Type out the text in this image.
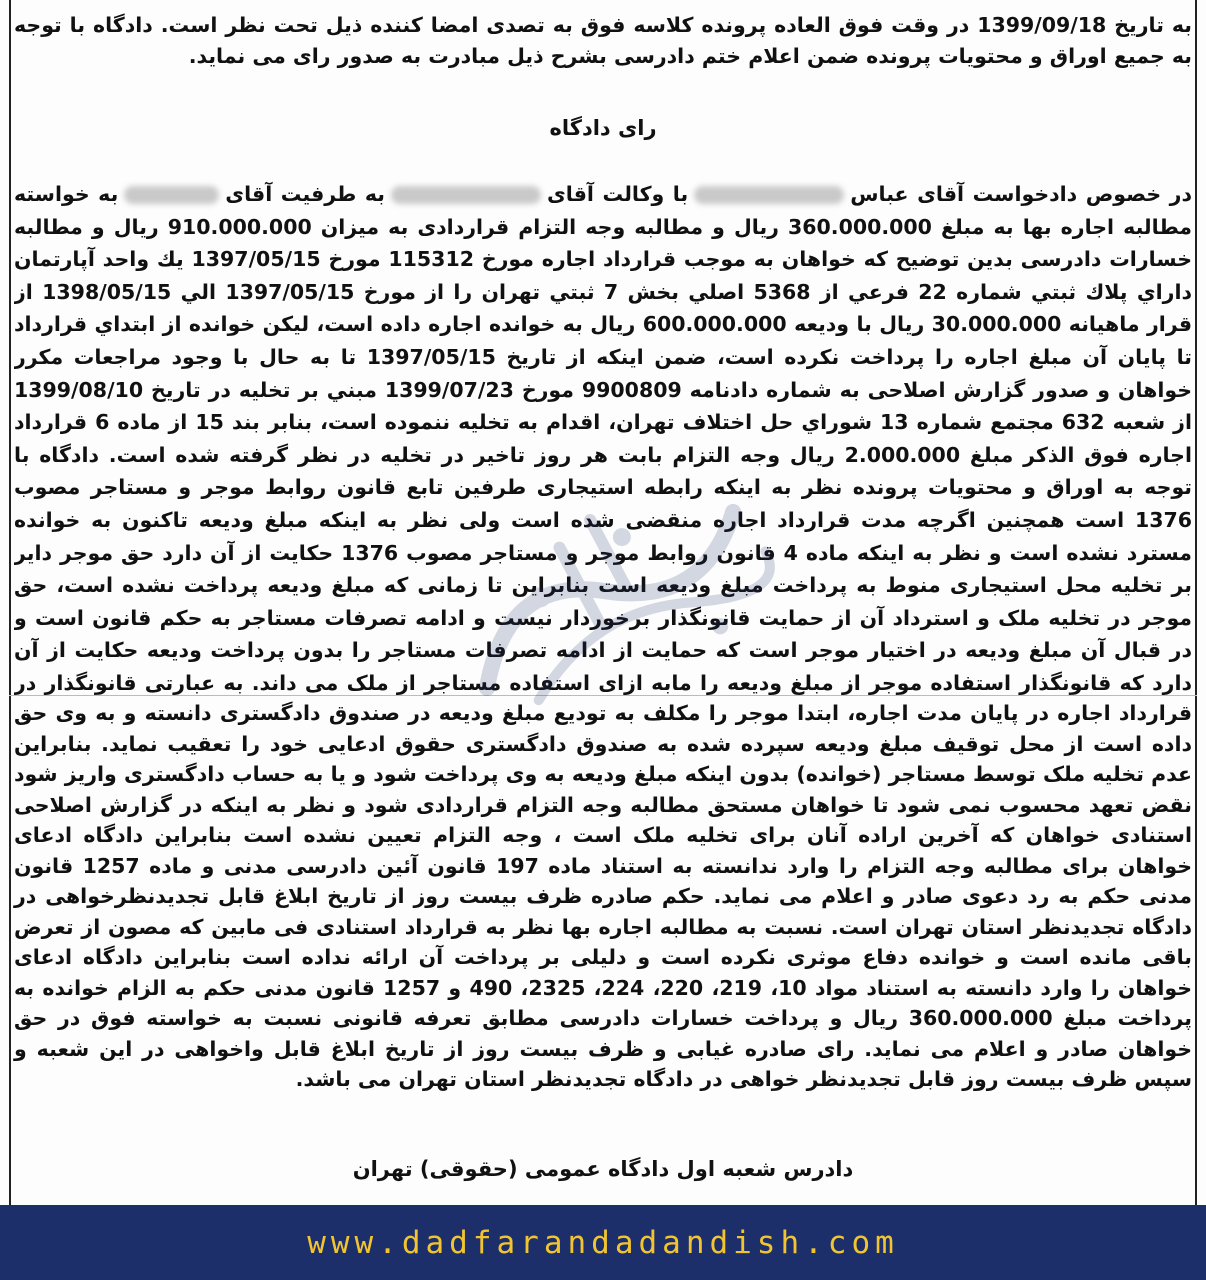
به تاریخ 1399/09/18 در وقت فوق العاده پرونده کلاسه فوق به تصدی امضا کننده ذیل تحت نظر است. دادگاه با توجه به جمیع اوراق و محتویات پرونده ضمن اعلام ختم دادرسی بشرح ذیل مبادرت به صدور رای می نماید.
رای دادگاه
در خصوص دادخواست آقای عباسبا وکالت آقایبه طرفیت آقایبه خواسته مطالبه اجاره بها به مبلغ 360.000.000 ریال و مطالبه وجه التزام قراردادی به میزان 910.000.000 ریال و مطالبه خسارات دادرسی بدین توضیح که خواهان به موجب قرارداد اجاره مورخ 115312 مورخ 1397/05/15 یك واحد آپارتمان داراي پلاك ثبتي شماره 22 فرعي از 5368 اصلي بخش 7 ثبتي تهران را از مورخ 1397/05/15 الي 1398/05/15 از قرار ماهيانه 30.000.000 ریال با ودیعه 600.000.000 ریال به خوانده اجاره داده است، لیکن خوانده از ابتداي قرارداد تا پایان آن مبلغ اجاره را پرداخت نکرده است، ضمن اینکه از تاریخ 1397/05/15 تا به حال با وجود مراجعات مکرر خواهان و صدور گزارش اصلاحی به شماره دادنامه 9900809 مورخ 1399/07/23 مبني بر تخلیه در تاریخ 1399/08/10 از شعبه 632 مجتمع شماره 13 شوراي حل اختلاف تهران، اقدام به تخلیه ننموده است، بنابر بند 15 از ماده 6 قرارداد اجاره فوق الذکر مبلغ 2.000.000 ریال وجه التزام بابت هر روز تاخیر در تخلیه در نظر گرفته شده است. دادگاه با توجه به اوراق و محتویات پرونده نظر به اینکه رابطه استیجاری طرفین تابع قانون روابط موجر و مستاجر مصوب 1376 است همچنین اگرچه مدت قرارداد اجاره منقضی شده است ولی نظر به اینکه مبلغ ودیعه تاکنون به خوانده مسترد نشده است و نظر به اینکه ماده 4 قانون روابط موجر و مستاجر مصوب 1376 حکایت از آن دارد حق موجر دایر بر تخلیه محل استیجاری منوط به پرداخت مبلغ ودیعه است بنابراین تا زمانی که مبلغ ودیعه پرداخت نشده است، حق موجر در تخلیه ملک و استرداد آن از حمایت قانونگذار برخوردار نیست و ادامه تصرفات مستاجر به حکم قانون است و در قبال آن مبلغ ودیعه در اختیار موجر است که حمایت از ادامه تصرفات مستاجر را بدون پرداخت ودیعه حکایت از آن دارد که قانونگذار استفاده موجر از مبلغ ودیعه را مابه ازای استفاده مستاجر از ملک می داند. به عبارتی قانونگذار در
قرارداد اجاره در پایان مدت اجاره، ابتدا موجر را مکلف به تودیع مبلغ ودیعه در صندوق دادگستری دانسته و به وی حق داده است از محل توقیف مبلغ ودیعه سپرده شده به صندوق دادگستری حقوق ادعایی خود را تعقیب نماید. بنابراین عدم تخلیه ملک توسط مستاجر (خوانده) بدون اینکه مبلغ ودیعه به وی پرداخت شود و یا به حساب دادگستری واریز شود نقض تعهد محسوب نمی شود تا خواهان مستحق مطالبه وجه التزام قراردادی شود و نظر به اینکه در گزارش اصلاحی استنادی خواهان که آخرین اراده آنان برای تخلیه ملک است ، وجه التزام تعیین نشده است بنابراین دادگاه ادعای خواهان برای مطالبه وجه التزام را وارد ندانسته به استناد ماده 197 قانون آئین دادرسی مدنی و ماده 1257 قانون مدنی حکم به رد دعوی صادر و اعلام می نماید. حکم صادره ظرف بیست روز از تاریخ ابلاغ قابل تجدیدنظرخواهی در دادگاه تجدیدنظر استان تهران است. نسبت به مطالبه اجاره بها نظر به قرارداد استنادی فی مابین که مصون از تعرض باقی مانده است و خوانده دفاع موثری نکرده است و دلیلی بر پرداخت آن ارائه نداده است بنابراین دادگاه ادعای خواهان را وارد دانسته به استناد مواد 10، 219، 220، 224، 2325، 490 و 1257 قانون مدنی حکم به الزام خوانده به پرداخت مبلغ 360.000.000 ریال و پرداخت خسارات دادرسی مطابق تعرفه قانونی نسبت به خواسته فوق در حق خواهان صادر و اعلام می نماید. رای صادره غیابی و ظرف بیست روز از تاریخ ابلاغ قابل واخواهی در این شعبه و سپس ظرف بیست روز قابل تجدیدنظر خواهی در دادگاه تجدیدنظر استان تهران می باشد.
دادرس شعبه اول دادگاه عمومی (حقوقی) تهران
www.dadfarandadandish.com
